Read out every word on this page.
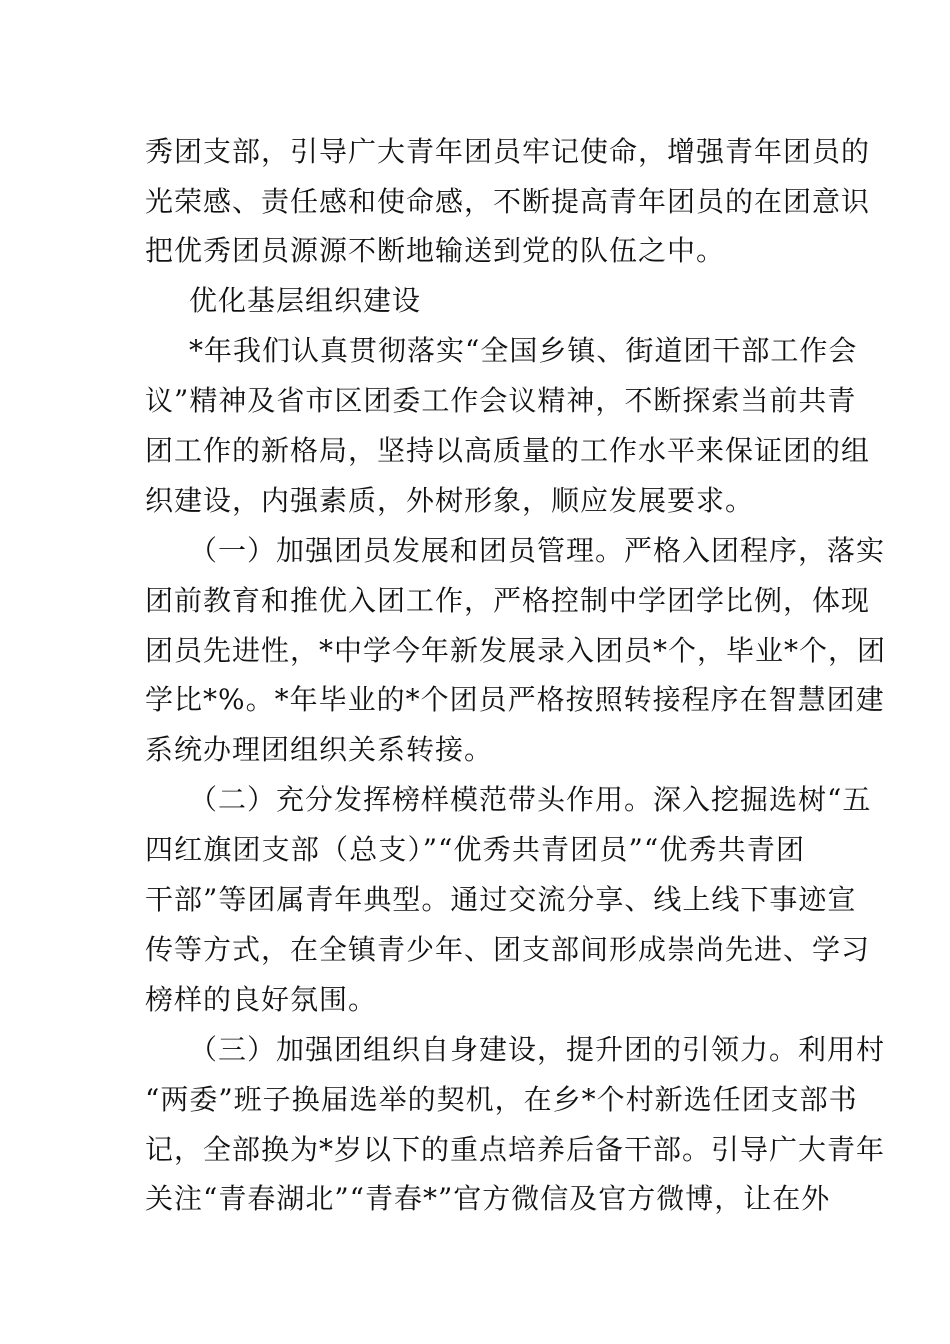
秀团支部，引导广大青年团员牢记使命，增强青年团员的
光荣感、责任感和使命感，不断提高青年团员的在团意识
把优秀团员源源不断地输送到党的队伍之中。
优化基层组织建设
*年我们认真贯彻落实“全国乡镇、街道团干部工作会
议”精神及省市区团委工作会议精神，不断探索当前共青
团工作的新格局，坚持以高质量的工作水平来保证团的组
织建设，内强素质，外树形象，顺应发展要求。
（一）加强团员发展和团员管理。严格入团程序，落实
团前教育和推优入团工作，严格控制中学团学比例，体现
团员先进性，*中学今年新发展录入团员*个，毕业*个，团
学比*%。*年毕业的*个团员严格按照转接程序在智慧团建
系统办理团组织关系转接。
（二）充分发挥榜样模范带头作用。深入挖掘选树“五
四红旗团支部（总支）”“优秀共青团员”“优秀共青团
干部”等团属青年典型。通过交流分享、线上线下事迹宣
传等方式，在全镇青少年、团支部间形成崇尚先进、学习
榜样的良好氛围。
（三）加强团组织自身建设，提升团的引领力。利用村
“两委”班子换届选举的契机，在乡*个村新选任团支部书
记，全部换为*岁以下的重点培养后备干部。引导广大青年
关注“青春湖北”“青春*”官方微信及官方微博，让在外
